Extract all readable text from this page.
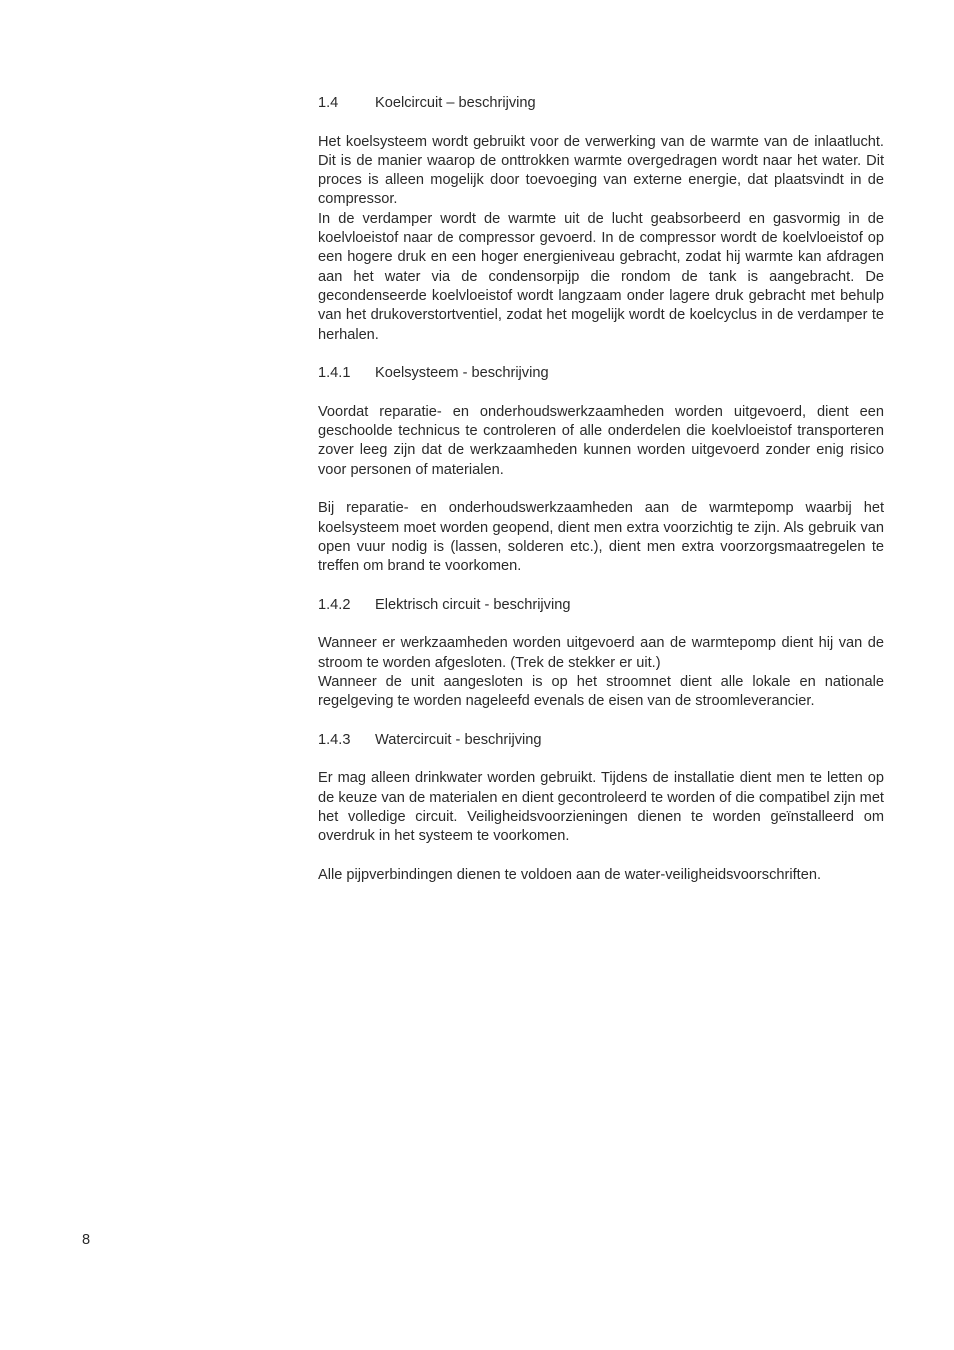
1.4	Koelcircuit – beschrijving

Het koelsysteem wordt gebruikt voor de verwerking van de warmte van de inlaatlucht. Dit is de manier waarop de onttrokken warmte overgedragen wordt naar het water. Dit proces is alleen mogelijk door toevoeging van externe energie, dat plaatsvindt in de compressor.

In de verdamper wordt de warmte uit de lucht geabsorbeerd en gasvormig in de koelvloeistof naar de compressor gevoerd. In de compressor wordt de koelvloeistof op een hogere druk en een hoger energieniveau gebracht, zodat hij warmte kan afdragen aan het water via de condensorpijp die rondom de tank is aangebracht. De gecondenseerde koelvloeistof wordt langzaam onder lagere druk gebracht met behulp van het drukoverstortventiel, zodat het mogelijk wordt de koelcyclus in de verdamper te herhalen.

1.4.1	Koelsysteem - beschrijving

Voordat reparatie- en onderhoudswerkzaamheden worden uitgevoerd, dient een geschoolde technicus te controleren of alle onderdelen die koelvloeistof transporteren zover leeg zijn dat de werkzaamheden kunnen worden uitgevoerd zonder enig risico voor personen of materialen.

Bij reparatie- en onderhoudswerkzaamheden aan de warmtepomp waarbij het koelsysteem moet worden geopend, dient men extra voorzichtig te zijn. Als gebruik van open vuur nodig is (lassen, solderen etc.), dient men extra voorzorgsmaatregelen te treffen om brand te voorkomen.

1.4.2	Elektrisch circuit - beschrijving

Wanneer er werkzaamheden worden uitgevoerd aan de warmtepomp dient hij van de stroom te worden afgesloten. (Trek de stekker er uit.)

Wanneer de unit aangesloten is op het stroomnet dient alle lokale en nationale regelgeving te worden nageleefd evenals de eisen van de stroomleverancier.

1.4.3	Watercircuit - beschrijving

Er mag alleen drinkwater worden gebruikt. Tijdens de installatie dient men te letten op de keuze van de materialen en dient gecontroleerd te worden of die compatibel zijn met het volledige circuit. Veiligheidsvoorzieningen dienen te worden geïnstalleerd om overdruk in het systeem te voorkomen.

Alle pijpverbindingen dienen te voldoen aan de water-veiligheidsvoorschriften.

8
